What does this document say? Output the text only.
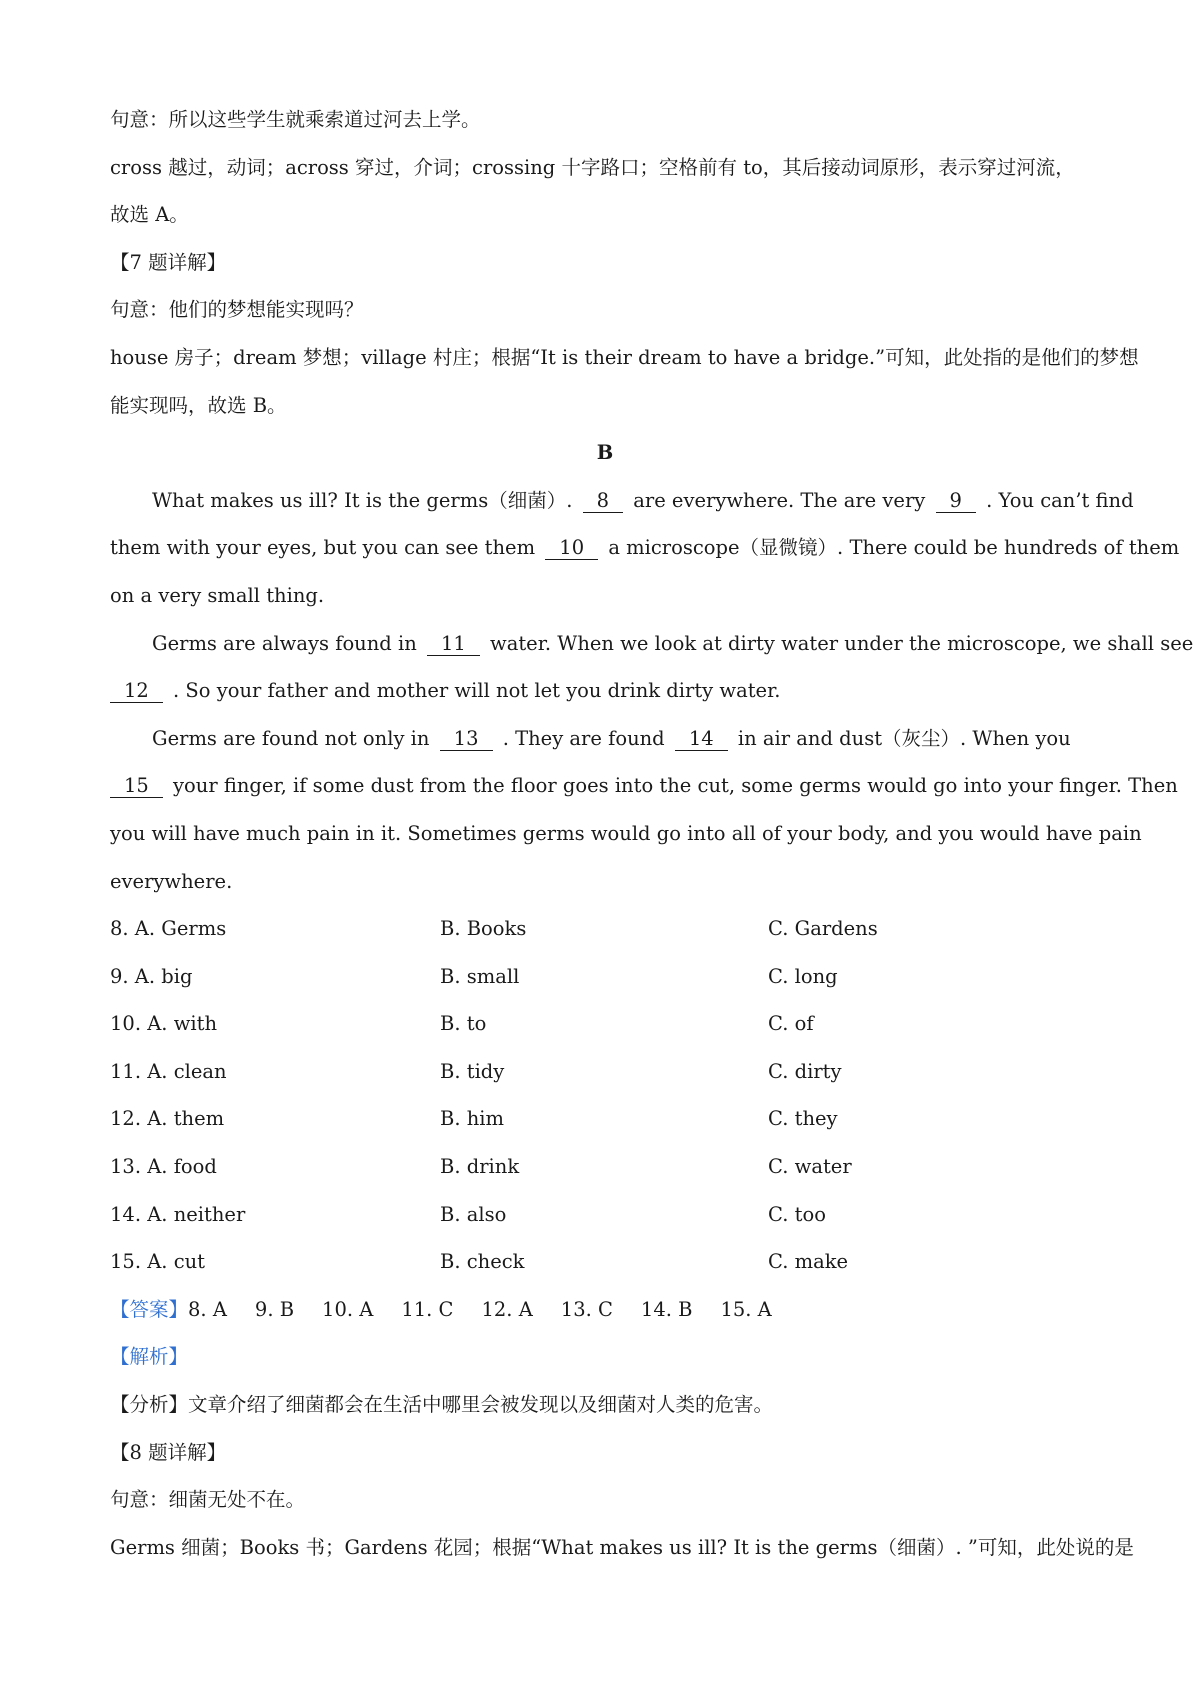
句意：所以这些学生就乘索道过河去上学。
cross 越过，动词；across 穿过，介词；crossing 十字路口；空格前有 to，其后接动词原形，表示穿过河流，
故选 A。
【7 题详解】
句意：他们的梦想能实现吗？
house 房子；dream 梦想；village 村庄；根据“It is their dream to have a bridge.”可知，此处指的是他们的梦想
能实现吗，故选 B。
B
What makes us ill? It is the germs（细菌）. 8 are everywhere. The are very 9 . You can’t find
them with your eyes, but you can see them 10 a microscope（显微镜）. There could be hundreds of them
on a very small thing.
Germs are always found in 11 water. When we look at dirty water under the microscope, we shall see
12 . So your father and mother will not let you drink dirty water.
Germs are found not only in 13 . They are found 14 in air and dust（灰尘）. When you
15 your finger, if some dust from the floor goes into the cut, some germs would go into your finger. Then
you will have much pain in it. Sometimes germs would go into all of your body, and you would have pain
everywhere.
8. A. Germs	B. Books	C. Gardens
9. A. big	B. small	C. long
10. A. with	B. to	C. of
11. A. clean	B. tidy	C. dirty
12. A. them	B. him	C. they
13. A. food	B. drink	C. water
14. A. neither	B. also	C. too
15. A. cut	B. check	C. make
【答案】8. A 9. B 10. A 11. C 12. A 13. C 14. B 15. A
【解析】
【分析】文章介绍了细菌都会在生活中哪里会被发现以及细菌对人类的危害。
【8 题详解】
句意：细菌无处不在。
Germs 细菌；Books 书；Gardens 花园；根据“What makes us ill? It is the germs（细菌）. ”可知，此处说的是
